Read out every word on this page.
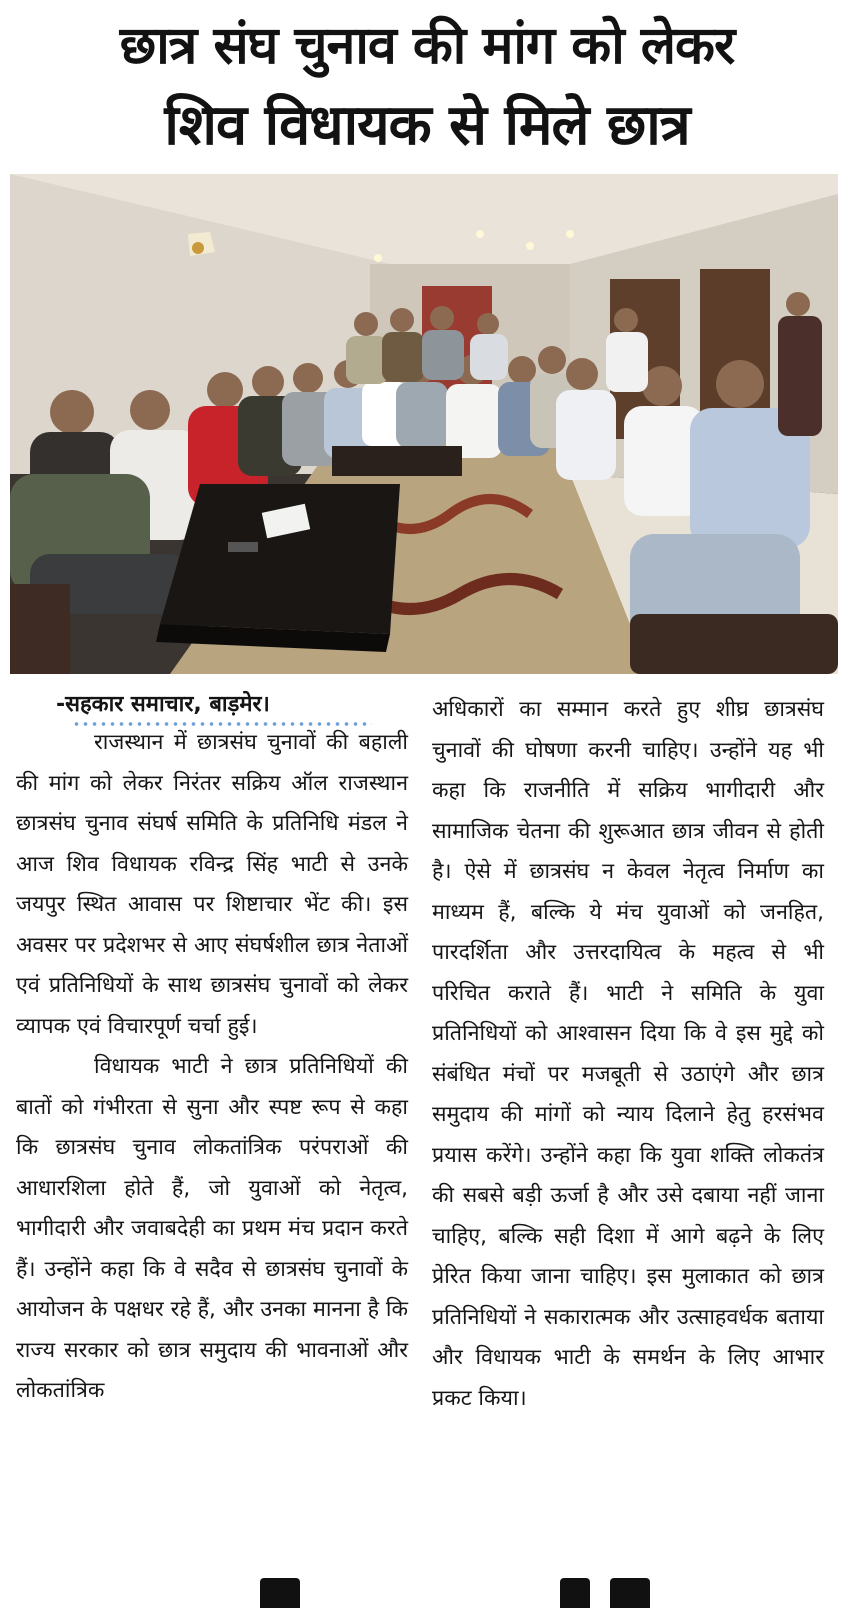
छात्र संघ चुनाव की मांग को लेकर
शिव विधायक से मिले छात्र
-सहकार समाचार, बाड़मेर।

राजस्थान में छात्रसंघ चुनावों की बहाली की मांग को लेकर निरंतर सक्रिय ऑल राजस्थान छात्रसंघ चुनाव संघर्ष समिति के प्रतिनिधि मंडल ने आज शिव विधायक रविन्द्र सिंह भाटी से उनके जयपुर स्थित आवास पर शिष्टाचार भेंट की। इस अवसर पर प्रदेशभर से आए संघर्षशील छात्र नेताओं एवं प्रतिनिधियों के साथ छात्रसंघ चुनावों को लेकर व्यापक एवं विचारपूर्ण चर्चा हुई।

विधायक भाटी ने छात्र प्रतिनिधियों की बातों को गंभीरता से सुना और स्पष्ट रूप से कहा कि छात्रसंघ चुनाव लोकतांत्रिक परंपराओं की आधारशिला होते हैं, जो युवाओं को नेतृत्व, भागीदारी और जवाबदेही का प्रथम मंच प्रदान करते हैं। उन्होंने कहा कि वे सदैव से छात्रसंघ चुनावों के आयोजन के पक्षधर रहे हैं, और उनका मानना है कि राज्य सरकार को छात्र समुदाय की भावनाओं और लोकतांत्रिक

अधिकारों का सम्मान करते हुए शीघ्र छात्रसंघ चुनावों की घोषणा करनी चाहिए। उन्होंने यह भी कहा कि राजनीति में सक्रिय भागीदारी और सामाजिक चेतना की शुरूआत छात्र जीवन से होती है। ऐसे में छात्रसंघ न केवल नेतृत्व निर्माण का माध्यम हैं, बल्कि ये मंच युवाओं को जनहित, पारदर्शिता और उत्तरदायित्व के महत्व से भी परिचित कराते हैं। भाटी ने समिति के युवा प्रतिनिधियों को आश्वासन दिया कि वे इस मुद्दे को संबंधित मंचों पर मजबूती से उठाएंगे और छात्र समुदाय की मांगों को न्याय दिलाने हेतु हरसंभव प्रयास करेंगे। उन्होंने कहा कि युवा शक्ति लोकतंत्र की सबसे बड़ी ऊर्जा है और उसे दबाया नहीं जाना चाहिए, बल्कि सही दिशा में आगे बढ़ने के लिए प्रेरित किया जाना चाहिए। इस मुलाकात को छात्र प्रतिनिधियों ने सकारात्मक और उत्साहवर्धक बताया और विधायक भाटी के समर्थन के लिए आभार प्रकट किया।
